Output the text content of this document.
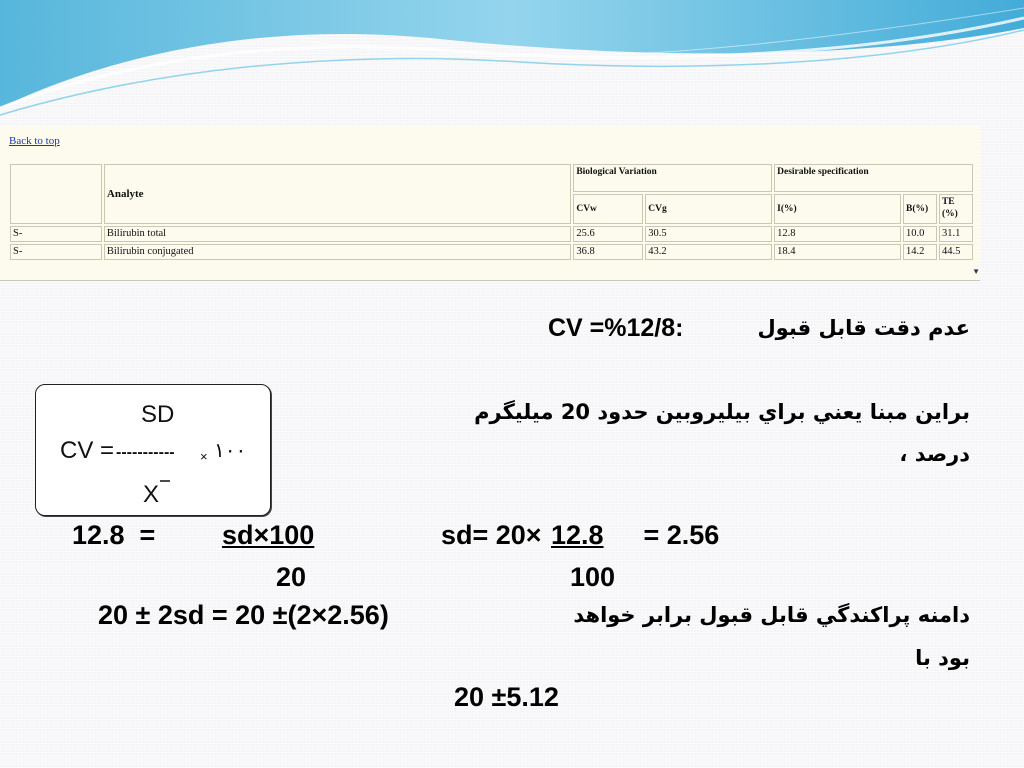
Back to top
	Analyte	Biological Variation		Desirable specification		
		CVw	CVg	I(%)	B(%)	TE (%)
S-	Bilirubin total	25.6	30.5	12.8	10.0	31.1
S-	Bilirubin conjugated	36.8	43.2	18.4	14.2	44.5
▼
SD
CV = ----------- × ١٠٠
X
عدم دقت قابل قبول
CV =%12/8:
براين مبنا يعني براي بيليروبين حدود 20 ميليگرم
درصد ،
12.8  = sd×100
20
sd= 20× 12.8 = 2.56
100
دامنه پراكندگي قابل قبول برابر خواهد
20 ± 2sd = 20 ±(2×2.56)
بود با
20 ±5.12
